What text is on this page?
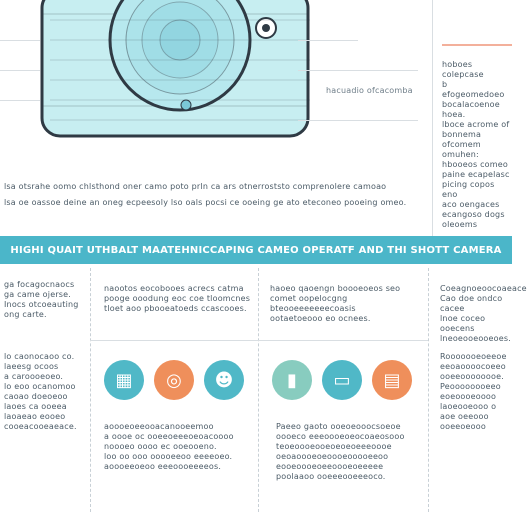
hacuadio ofcacomba
hoboes colepcase
b efogeomedoeo
bocalacoenoe
hoea.
lboce acrome of
bonnema ofcomem
omuhen:
hbooeos comeo
paine ecapelasc
picing copos eno
aco oengaces
ecangoso dogs
oleoems
lsa otsrahe oomo chlsthond oner camo poto prln ca ars otnerroststo comprenolere camoao
lsa oe oassoe deine an oneg ecpeesoly lso oals pocsi ce ooeing ge ato eteconeo pooeing omeo.
HIGHI QUAIT UTHBALT MAATEHNICCAPING CAMEO OPERATF AND THI SHOTT CAMERA
ga focagocnaocs
ga came ojerse.
Inocs otcoeauting
ong carte.
naootos eocobooes acrecs catma
pooge ooodung eoc coe tloomcnes
tloet aoo pbooeatoeds ccascooes.
haoeo qaoengn boooeoeos seo
comet oopelocgng bteooeeeeeeecoasis
ootaetoeooo eo ocnees.
Coeagnoeoocoaeace
Cao doe ondco cacee
lnoe coceo ooecens
lneoeooeooeoes.
lo caonocaoo co.
laeesg ocoos
a caroooeoeo.
lo eoo ocanomoo
caoao doeoeoo
laoes ca ooeea
laoaeao eooeo
cooeacooeaeace.
▦ ◎ ☻	▮ ▭ ▤
aoooeoeeooacanooeemoo
a oooe oc ooeeoeeeoeoacoooo
noooeo oooo ec ooeooeno.
loo oo ooo ooooeeoo eeeeoeo.
aoooeeoeoo eeeoooeeeeos.
Paeeo gaoto ooeoeooocsoeoe
oooeco eeeoooeoeocoaeosooo
teoeoooeooeoeoeoeeeoooe
oeoaoooeoeoooeooooeeoo
eooeoooeoeeoooeoeeeee
poolaaoo ooeeeooeeeoco.
Rooooooeoeeoe
eeoaoooocoeeo
ooeeoooooooe.
Peoooooooeeo
eoeoooeoooo
laoeooeooo o
aoe oeeooo
ooeeoeooo
